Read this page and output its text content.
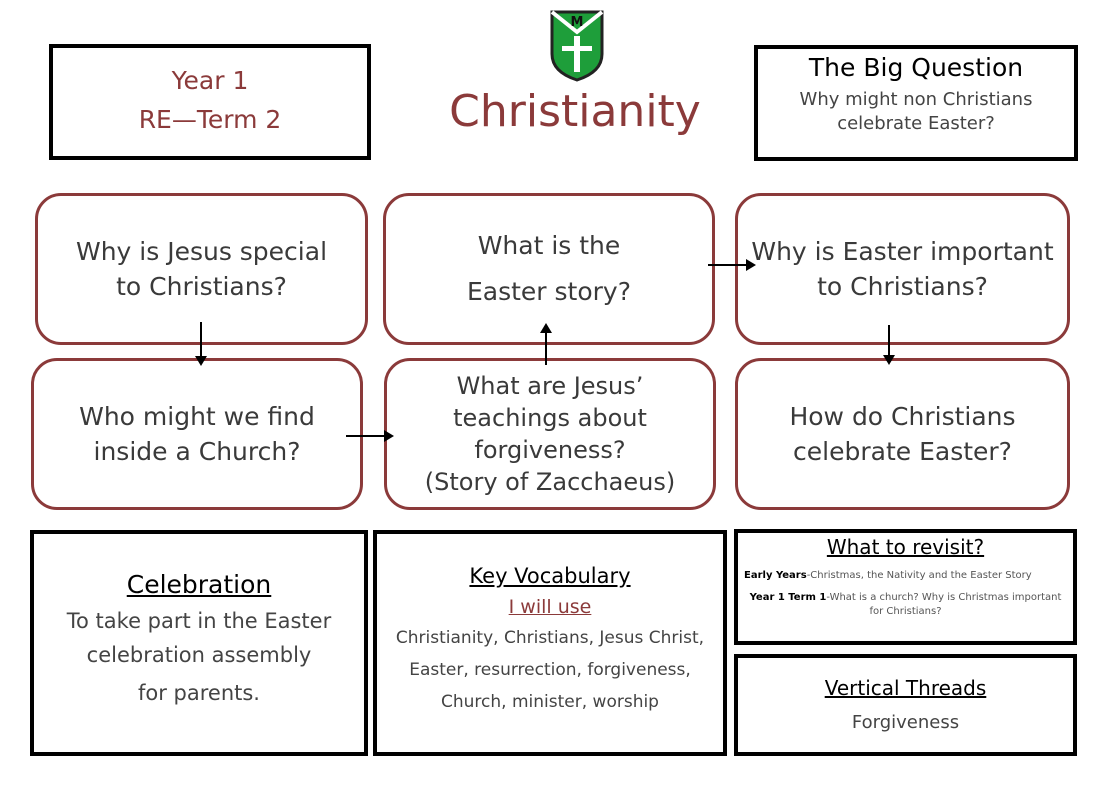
M
Year 1
RE—Term 2	Christianity
The Big Question
Why might non Christians celebrate Easter?
Why is Jesus special to Christians?
Who might we find inside a Church?
What are Jesus’
teachings about
forgiveness?
(Story of Zacchaeus)
What is the Easter story?
Why is Easter important to Christians?
How do Christians celebrate Easter?
Celebration
To take part in the Easter
celebration assembly
for parents.
Key Vocabulary
I will use
Christianity, Christians, Jesus Christ,
Easter, resurrection, forgiveness,
Church, minister, worship
What to revisit?
Early Years-Christmas, the Nativity and the Easter Story
Year 1 Term 1-What is a church? Why is Christmas important for Christians?
Vertical Threads
Forgiveness
